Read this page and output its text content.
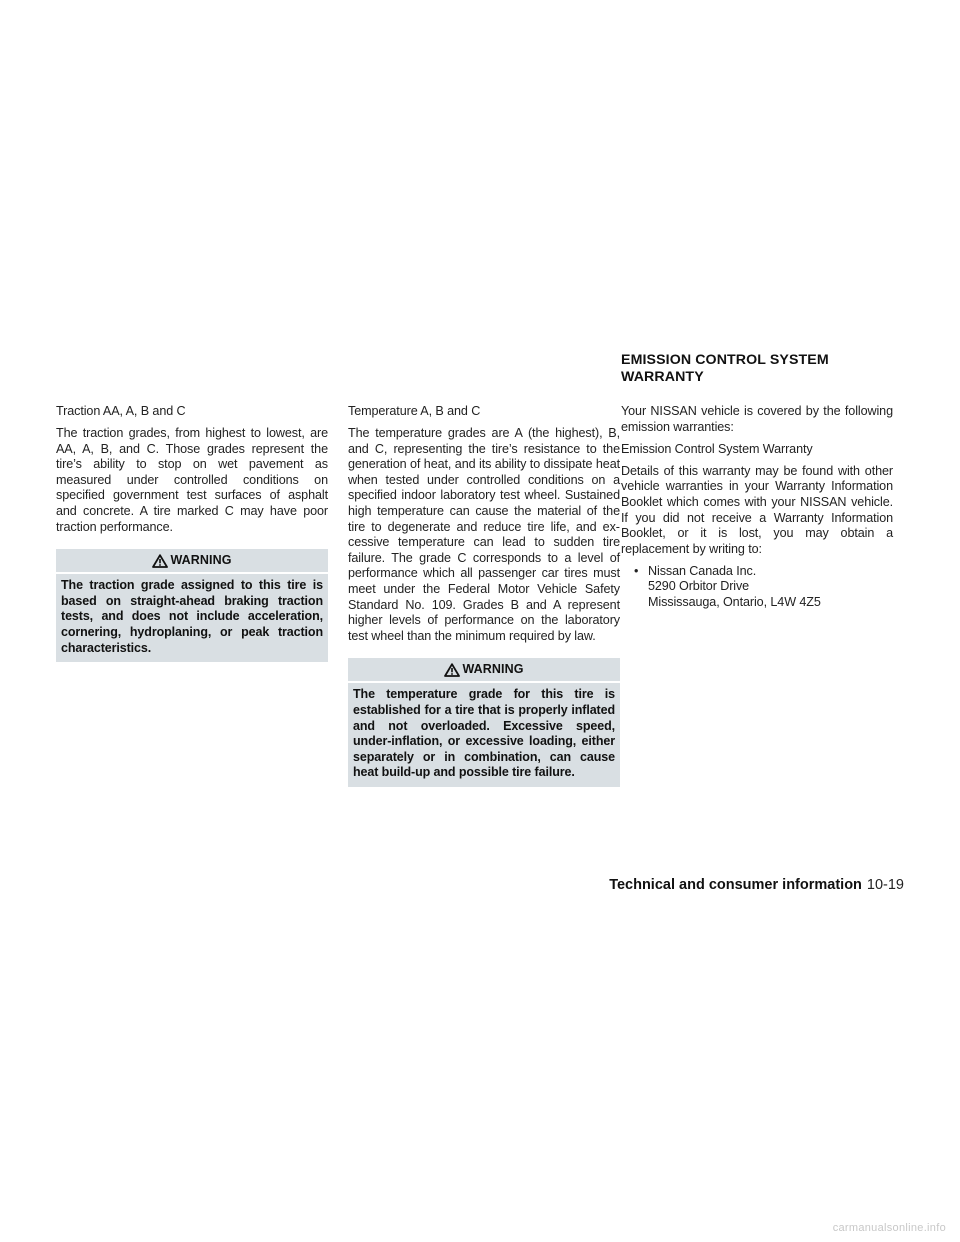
EMISSION CONTROL SYSTEM
WARRANTY

Traction AA, A, B and C

The traction grades, from highest to lowest, are AA, A, B, and C. Those grades represent the tire’s ability to stop on wet pavement as measured under controlled conditions on specified government test surfaces of asphalt and concrete. A tire marked C may have poor traction performance.

WARNING
The traction grade assigned to this tire is based on straight-ahead braking traction tests, and does not include acceleration, cornering, hydroplaning, or peak traction characteristics.

Temperature A, B and C

The temperature grades are A (the highest), B, and C, representing the tire’s resistance to the generation of heat, and its ability to dissipate heat when tested under controlled conditions on a specified indoor laboratory test wheel. Sustained high temperature can cause the material of the tire to degenerate and reduce tire life, and excessive temperature can lead to sudden tire failure. The grade C corresponds to a level of performance which all passenger car tires must meet under the Federal Motor Vehicle Safety Standard No. 109. Grades B and A represent higher levels of performance on the laboratory test wheel than the minimum required by law.

WARNING
The temperature grade for this tire is established for a tire that is properly inflated and not overloaded. Excessive speed, under-inflation, or excessive loading, either separately or in combination, can cause heat build-up and possible tire failure.

Your NISSAN vehicle is covered by the following emission warranties:

Emission Control System Warranty

Details of this warranty may be found with other vehicle warranties in your Warranty Information Booklet which comes with your NISSAN vehicle. If you did not receive a Warranty Information Booklet, or it is lost, you may obtain a replacement by writing to:

• Nissan Canada Inc.
5290 Orbitor Drive
Mississauga, Ontario, L4W 4Z5
Technical and consumer information 10-19
carmanualsonline.info
